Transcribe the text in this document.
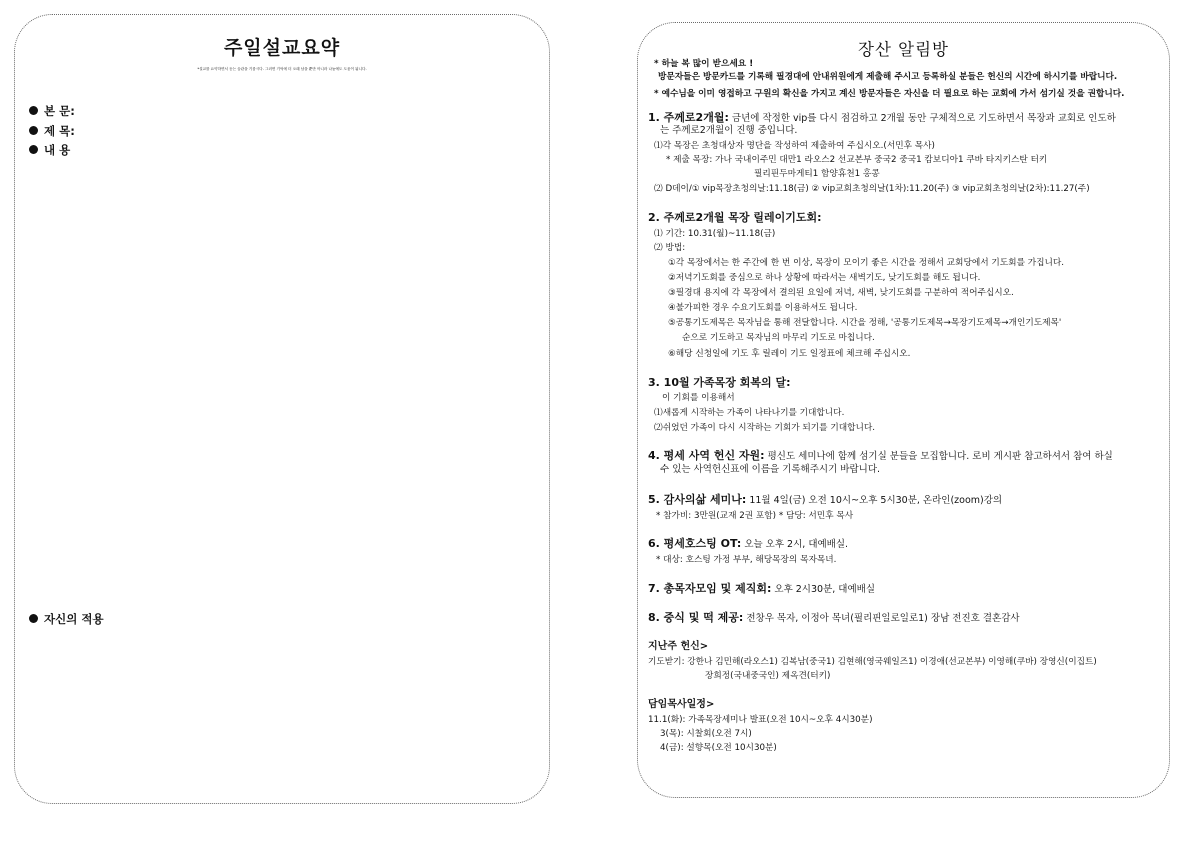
주일설교요약
*설교를 요약하면서 듣는 습관을 기릅시다. 그러면 기억에 더 오래 남을 뿐만 아니라 나눔에도 도움이 됩니다.
본 문:
제 목:
내 용
자신의 적용
장산 알림방
* 하늘 복 많이 받으세요 !
방문자들은 방문카드를 기록해 필경대에 안내위원에게 제출해 주시고 등록하실 분들은 헌신의 시간에 하시기를 바랍니다.
* 예수님을 이미 영접하고 구원의 확신을 가지고 계신 방문자들은 자신을 더 필요로 하는 교회에 가서 섬기실 것을 권합니다.
1. 주께로2개월: 금년에 작정한 vip를 다시 점검하고 2개월 동안 구체적으로 기도하면서 목장과 교회로 인도하
는 주께로2개월이 진행 중입니다.
⑴각 목장은 초청대상자 명단을 작성하여 제출하여 주십시오.(서민후 목사)
* 제출 목장: 가나 국내이주민 대만1 라오스2 선교본부 중국2 중국1 캄보디아1 쿠바 타지키스탄 터키
필리핀두마게티1 함양휴천1 홍콩
⑵ D데이/① vip목장초청의날:11.18(금) ② vip교회초청의날(1차):11.20(주) ③ vip교회초청의날(2차):11.27(주)
2. 주께로2개월 목장 릴레이기도회:
⑴ 기간: 10.31(월)~11.18(금)
⑵ 방법:
①각 목장에서는 한 주간에 한 번 이상, 목장이 모이기 좋은 시간을 정해서 교회당에서 기도회를 가집니다.
②저녁기도회를 중심으로 하나 상황에 따라서는 새벽기도, 낮기도회를 해도 됩니다.
③필경대 용지에 각 목장에서 결의된 요일에 저녁, 새벽, 낮기도회를 구분하여 적어주십시오.
④불가피한 경우 수요기도회를 이용하셔도 됩니다.
⑤공통기도제목은 목자님을 통해 전달합니다. 시간을 정해, '공통기도제목→목장기도제목→개인기도제목'
순으로 기도하고 목자님의 마무리 기도로 마칩니다.
⑥해당 신청일에 기도 후 릴레이 기도 일정표에 체크해 주십시오.
3. 10월 가족목장 회복의 달:
이 기회를 이용해서
⑴새롭게 시작하는 가족이 나타나기를 기대합니다.
⑵쉬었던 가족이 다시 시작하는 기회가 되기를 기대합니다.
4. 평세 사역 헌신 자원: 평신도 세미나에 함께 섬기실 분들을 모집합니다. 로비 게시판 참고하셔서 참여 하실
수 있는 사역헌신표에 이름을 기록해주시기 바랍니다.
5. 감사의삶 세미나: 11월 4일(금) 오전 10시~오후 5시30분, 온라인(zoom)강의
* 참가비: 3만원(교재 2권 포함) * 담당: 서민후 목사
6. 평세호스팅 OT: 오늘 오후 2시, 대예배실.
* 대상: 호스팅 가정 부부, 해당목장의 목자목녀.
7. 총목자모임 및 제직회: 오후 2시30분, 대예배실
8. 중식 및 떡 제공: 전창우 목자, 이정아 목녀(필리핀일로일로1) 장남 전진호 결혼감사
지난주 헌신>
기도받기: 강한나 김민해(라오스1) 김복남(중국1) 김현해(영국웨일즈1) 이경애(선교본부) 이영해(쿠바) 장영신(이집트)
장희정(국내중국인) 제옥견(터키)
담임목사일정>
11.1(화): 가족목장세미나 발표(오전 10시~오후 4시30분)
3(목): 시찰회(오전 7시)
4(금): 설향목(오전 10시30분)
